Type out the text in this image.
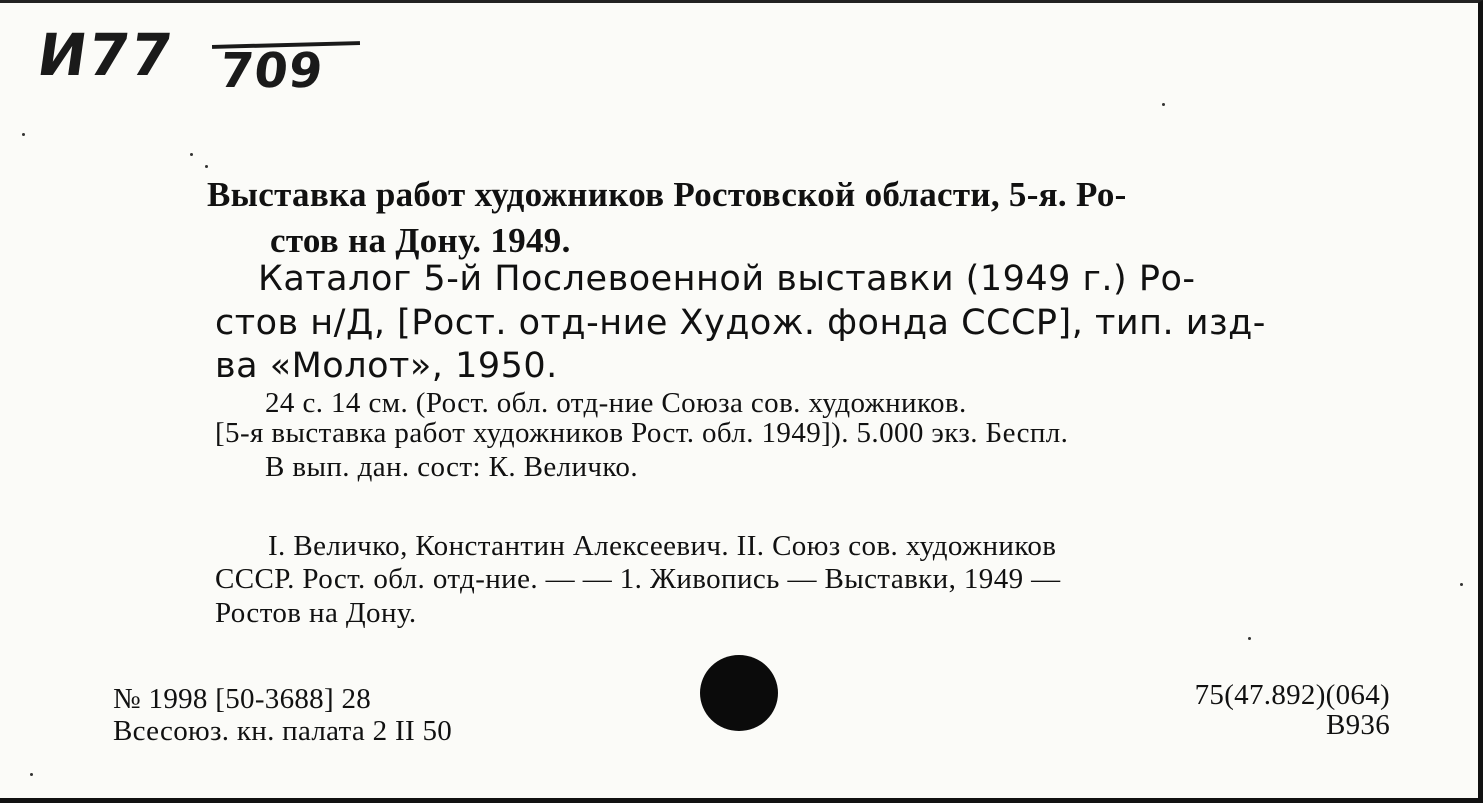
И77 709
Выставка работ художников Ростовской области, 5-я. Ро-
стов на Дону. 1949.
Каталог 5-й Послевоенной выставки (1949 г.) Ро-
стов н/Д, [Рост. отд-ние Худож. фонда СССР], тип. изд-
ва «Молот», 1950.
24 с. 14 см. (Рост. обл. отд-ние Союза сов. художников.
[5-я выставка работ художников Рост. обл. 1949]). 5.000 экз. Беспл.
В вып. дан. сост: К. Величко.
I. Величко, Константин Алексеевич. II. Союз сов. художников
СССР. Рост. обл. отд-ние. — — 1. Живопись — Выставки, 1949 —
Ростов на Дону.
№ 1998 [50-3688] 28
Всесоюз. кн. палата 2 II 50
75(47.892)(064)
В936
